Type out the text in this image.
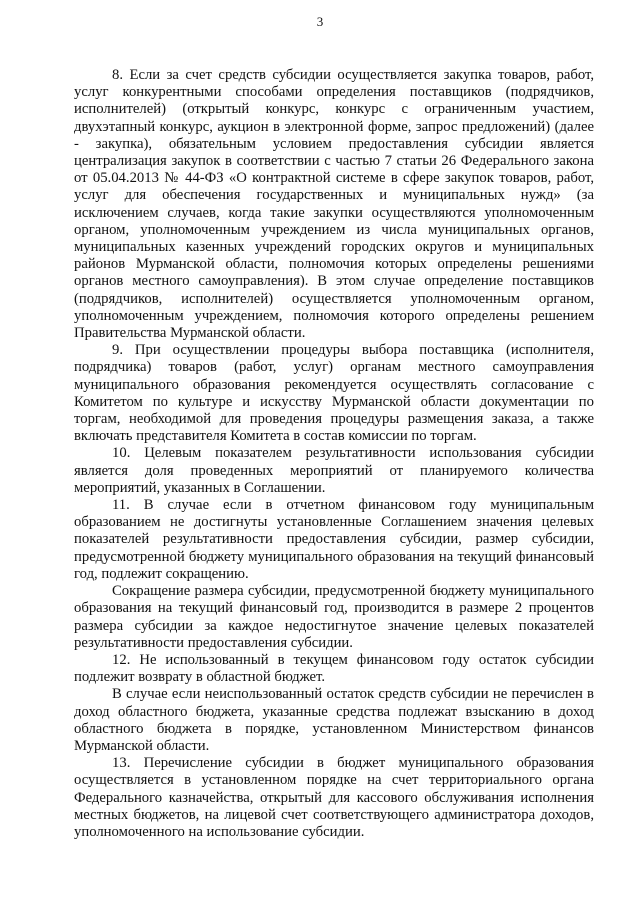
3

8. Если за счет средств субсидии осуществляется закупка товаров, работ, услуг конкурентными способами определения поставщиков (подрядчиков, исполнителей) (открытый конкурс, конкурс с ограниченным участием, двухэтапный конкурс, аукцион в электронной форме, запрос предложений) (далее - закупка), обязательным условием предоставления субсидии является централизация закупок в соответствии с частью 7 статьи 26 Федерального закона от 05.04.2013 № 44-ФЗ «О контрактной системе в сфере закупок товаров, работ, услуг для обеспечения государственных и муниципальных нужд» (за исключением случаев, когда такие закупки осуществляются уполномоченным органом, уполномоченным учреждением из числа муниципальных органов, муниципальных казенных учреждений городских округов и муниципальных районов Мурманской области, полномочия которых определены решениями органов местного самоуправления). В этом случае определение поставщиков (подрядчиков, исполнителей) осуществляется уполномоченным органом, уполномоченным учреждением, полномочия которого определены решением Правительства Мурманской области.

9. При осуществлении процедуры выбора поставщика (исполнителя, подрядчика) товаров (работ, услуг) органам местного самоуправления муниципального образования рекомендуется осуществлять согласование с Комитетом по культуре и искусству Мурманской области документации по торгам, необходимой для проведения процедуры размещения заказа, а также включать представителя Комитета в состав комиссии по торгам.

10. Целевым показателем результативности использования субсидии является доля проведенных мероприятий от планируемого количества мероприятий, указанных в Соглашении.

11. В случае если в отчетном финансовом году муниципальным образованием не достигнуты установленные Соглашением значения целевых показателей результативности предоставления субсидии, размер субсидии, предусмотренной бюджету муниципального образования на текущий финансовый год, подлежит сокращению.

Сокращение размера субсидии, предусмотренной бюджету муниципального образования на текущий финансовый год, производится в размере 2 процентов размера субсидии за каждое недостигнутое значение целевых показателей результативности предоставления субсидии.

12. Не использованный в текущем финансовом году остаток субсидии подлежит возврату в областной бюджет.

В случае если неиспользованный остаток средств субсидии не перечислен в доход областного бюджета, указанные средства подлежат взысканию в доход областного бюджета в порядке, установленном Министерством финансов Мурманской области.

13. Перечисление субсидии в бюджет муниципального образования осуществляется в установленном порядке на счет территориального органа Федерального казначейства, открытый для кассового обслуживания исполнения местных бюджетов, на лицевой счет соответствующего администратора доходов, уполномоченного на использование субсидии.
